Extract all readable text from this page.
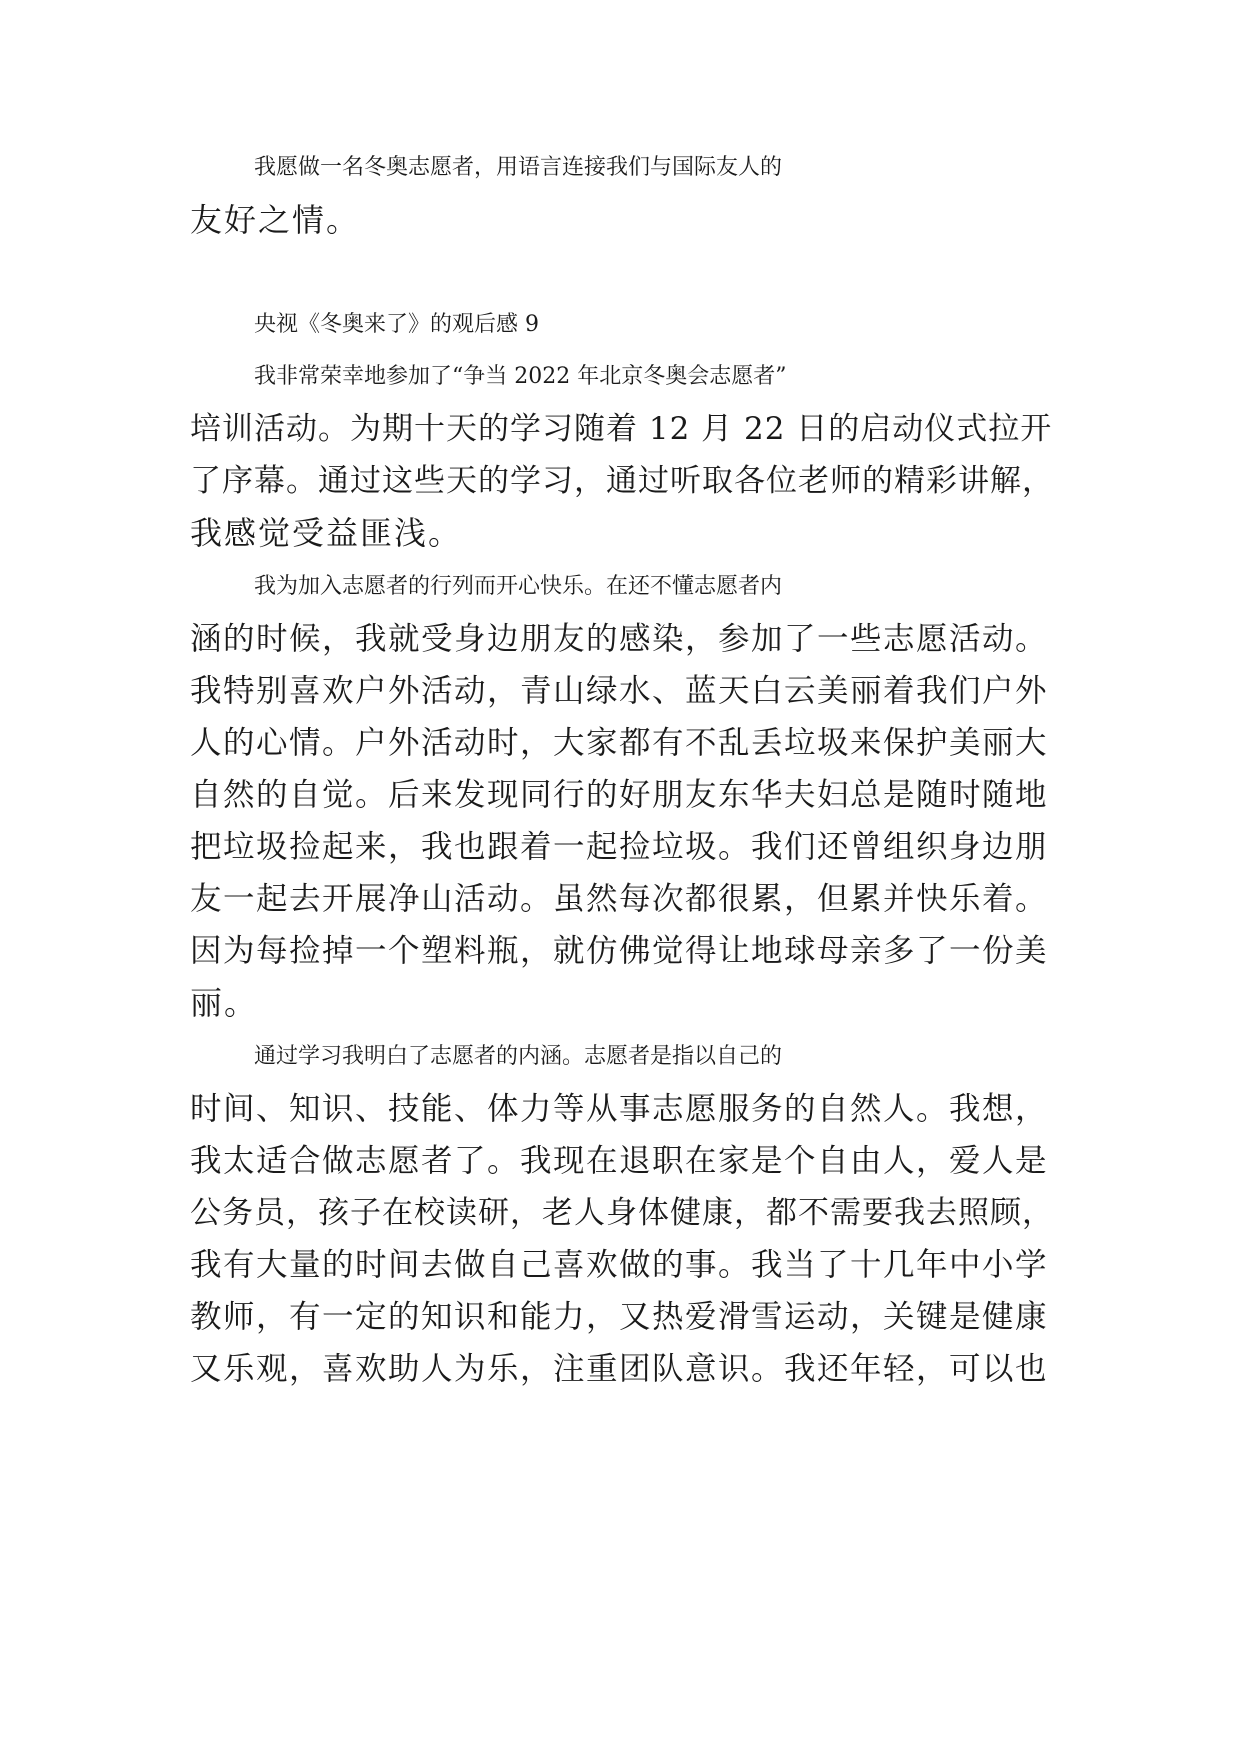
我愿做一名冬奥志愿者，用语言连接我们与国际友人的

友好之情。

央视《冬奥来了》的观后感 9

我非常荣幸地参加了“争当 2022 年北京冬奥会志愿者”

培训活动。为期十天的学习随着 12 月 22 日的启动仪式拉开

了序幕。通过这些天的学习，通过听取各位老师的精彩讲解，

我感觉受益匪浅。

我为加入志愿者的行列而开心快乐。在还不懂志愿者内

涵的时候，我就受身边朋友的感染，参加了一些志愿活动。

我特别喜欢户外活动，青山绿水、蓝天白云美丽着我们户外

人的心情。户外活动时，大家都有不乱丢垃圾来保护美丽大

自然的自觉。后来发现同行的好朋友东华夫妇总是随时随地

把垃圾捡起来，我也跟着一起捡垃圾。我们还曾组织身边朋

友一起去开展净山活动。虽然每次都很累，但累并快乐着。

因为每捡掉一个塑料瓶，就仿佛觉得让地球母亲多了一份美

丽。

通过学习我明白了志愿者的内涵。志愿者是指以自己的

时间、知识、技能、体力等从事志愿服务的自然人。我想，

我太适合做志愿者了。我现在退职在家是个自由人，爱人是

公务员，孩子在校读研，老人身体健康，都不需要我去照顾，

我有大量的时间去做自己喜欢做的事。我当了十几年中小学

教师，有一定的知识和能力，又热爱滑雪运动，关键是健康

又乐观，喜欢助人为乐，注重团队意识。我还年轻，可以也
